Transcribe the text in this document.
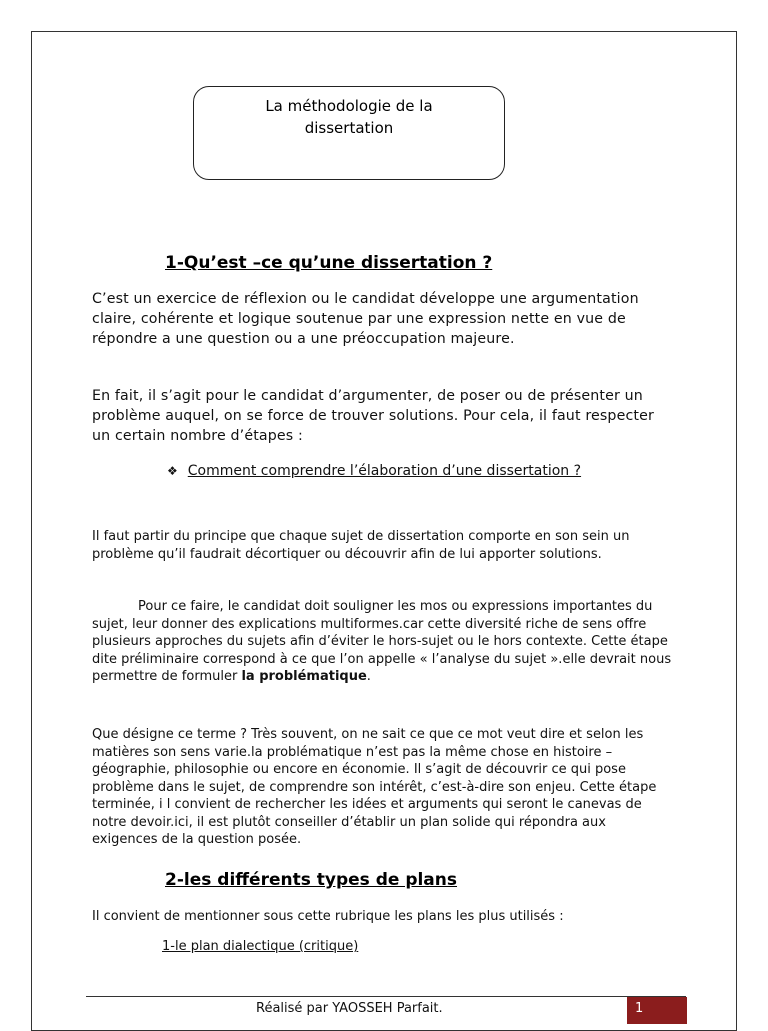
La méthodologie de la
dissertation
1-Qu’est –ce qu’une dissertation ?

C’est un exercice de réflexion ou le candidat développe une argumentation claire, cohérente et logique soutenue par une expression nette en vue de répondre a une question ou a une préoccupation majeure.

En fait, il s’agit pour le candidat d’argumenter, de poser ou de présenter un problème auquel, on se force de trouver solutions. Pour cela, il faut respecter un certain nombre d’étapes :

❖ Comment comprendre l’élaboration d’une dissertation ?

Il faut partir du principe que chaque sujet de dissertation comporte en son sein un problème qu’il faudrait décortiquer ou découvrir afin de lui apporter solutions.

Pour ce faire, le candidat doit souligner les mos ou expressions importantes du sujet, leur donner des explications multiformes.car cette diversité riche de sens offre plusieurs approches du sujets afin d’éviter le hors-sujet ou le hors contexte. Cette étape dite préliminaire correspond à ce que l’on appelle « l’analyse du sujet ».elle devrait nous permettre de formuler la problématique.

Que désigne ce terme ? Très souvent, on ne sait ce que ce mot veut dire et selon les matières son sens varie.la problématique n’est pas la même chose en histoire –géographie, philosophie ou encore en économie. Il s’agit de découvrir ce qui pose problème dans le sujet, de comprendre son intérêt, c’est-à-dire son enjeu. Cette étape terminée, i l convient de rechercher les idées et arguments qui seront le canevas de notre devoir.ici, il est plutôt conseiller d’établir un plan solide qui répondra aux exigences de la question posée.

2-les différents types de plans

Il convient de mentionner sous cette rubrique les plans les plus utilisés :

1-le plan dialectique (critique)
Réalisé par YAOSSEH Parfait.	1
